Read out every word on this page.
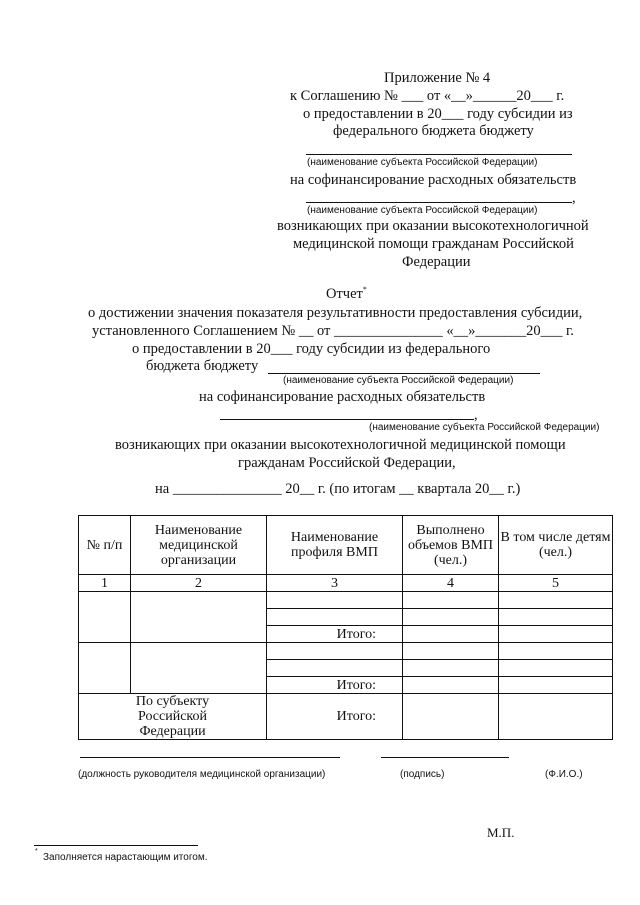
Приложение № 4
к Соглашению № ___ от «__»______20___ г.
о предоставлении в 20___ году субсидии из
федерального бюджета бюджету
(наименование субъекта Российской Федерации)
на софинансирование расходных обязательств
,
(наименование субъекта Российской Федерации)
возникающих при оказании высокотехнологичной
медицинской помощи гражданам Российской
Федерации
Отчет*
о достижении значения показателя результативности предоставления субсидии,
установленного Соглашением № __ от _______________ «__»_______20___ г.
о предоставлении в 20___ году субсидии из федерального
бюджета бюджету
(наименование субъекта Российской Федерации)
на софинансирование расходных обязательств
,
(наименование субъекта Российской Федерации)
возникающих при оказании высокотехнологичной медицинской помощи
гражданам Российской Федерации,
на _______________ 20__ г. (по итогам __ квартала 20__ г.)
№ п/п	Наименование медицинской организации	Наименование профиля ВМП	Выполнено объемов ВМП (чел.)	В том числе детям (чел.)
1	2	3	4	5

		Итого:		

		Итого:		
По субъекту Российской Федерации		Итого:		
(должность руководителя медицинской организации)	(подпись)	(Ф.И.О.)
М.П.
*
Заполняется нарастающим итогом.
